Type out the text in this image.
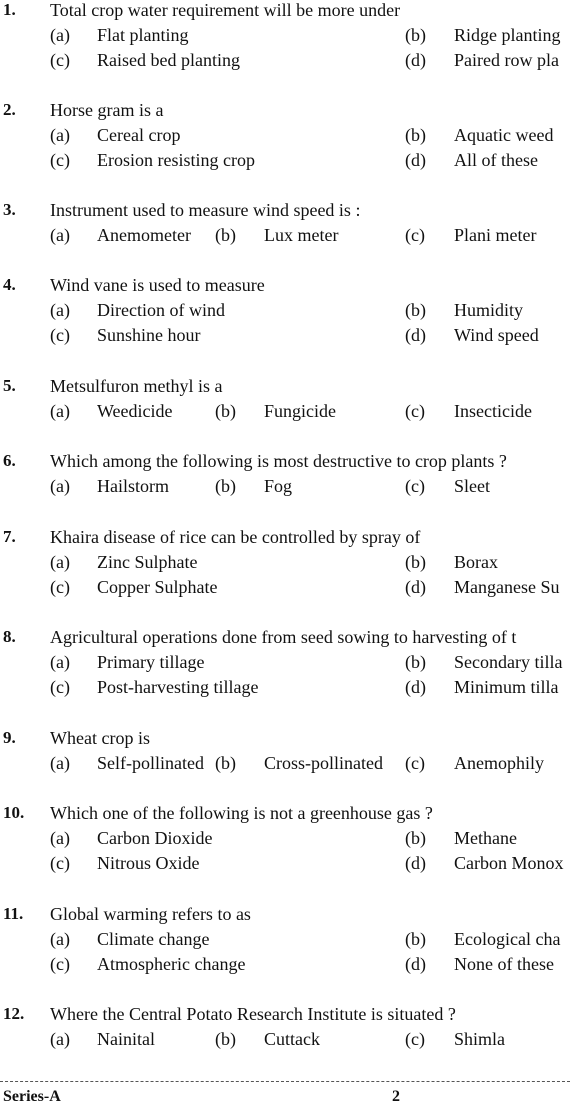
1. Total crop water requirement will be more under
(a) Flat planting	(b) Ridge planting
(c) Raised bed planting	(d) Paired row pla
2. Horse gram is a
(a) Cereal crop	(b) Aquatic weed
(c) Erosion resisting crop	(d) All of these
3. Instrument used to measure wind speed is :
(a) Anemometer (b) Lux meter	(c) Plani meter
4. Wind vane is used to measure
(a) Direction of wind	(b) Humidity
(c) Sunshine hour	(d) Wind speed
5. Metsulfuron methyl is a
(a) Weedicide (b) Fungicide	(c) Insecticide
6. Which among the following is most destructive to crop plants ?
(a) Hailstorm	(b) Fog	(c) Sleet
7. Khaira disease of rice can be controlled by spray of
(a) Zinc Sulphate	(b) Borax
(c) Copper Sulphate	(d) Manganese Su
8. Agricultural operations done from seed sowing to harvesting of t
(a) Primary tillage	(b) Secondary tilla
(c) Post-harvesting tillage	(d) Minimum tilla
9. Wheat crop is
(a) Self-pollinated (b) Cross-pollinated (c) Anemophily
10. Which one of the following is not a greenhouse gas ?
(a) Carbon Dioxide	(b) Methane
(c) Nitrous Oxide	(d) Carbon Monox
11. Global warming refers to as
(a) Climate change	(b) Ecological cha
(c) Atmospheric change	(d) None of these
12. Where the Central Potato Research Institute is situated ?
(a) Nainital	(b) Cuttack	(c) Shimla
Series-A	2
